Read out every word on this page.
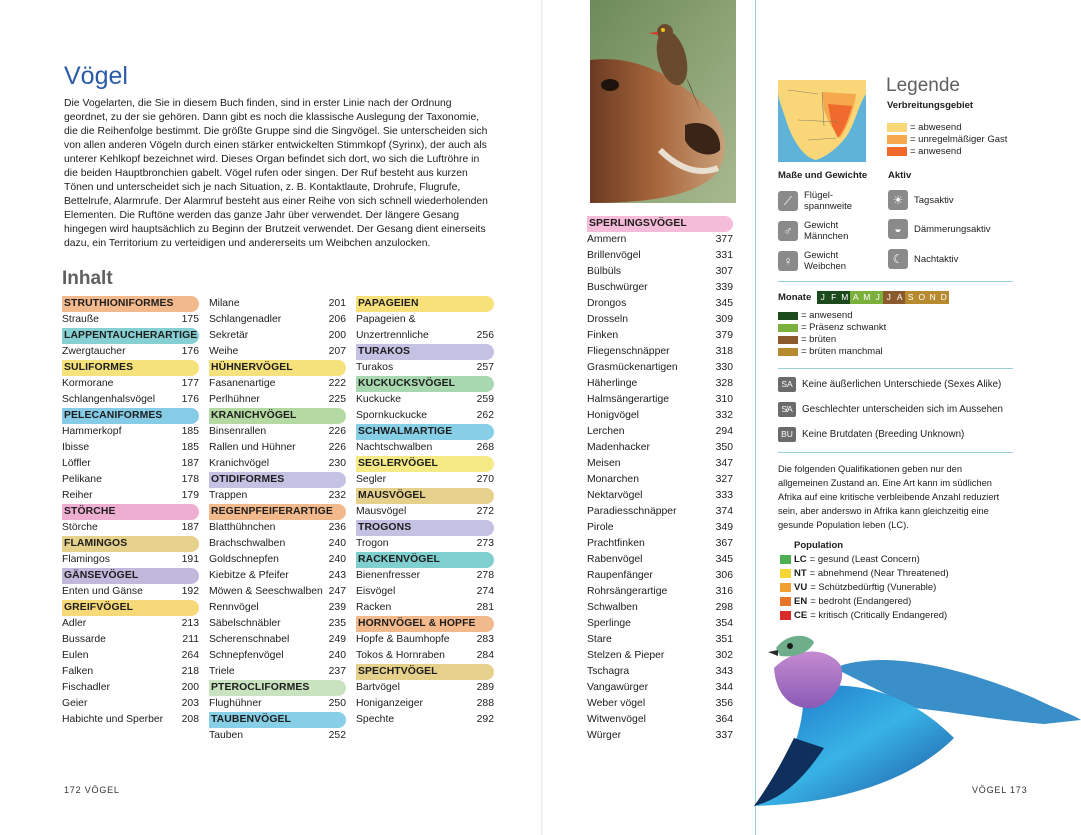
Vögel

Die Vogelarten, die Sie in diesem Buch finden, sind in erster Linie nach der Ordnung geordnet, zu der sie gehören. Dann gibt es noch die klassische Auslegung der Taxonomie, die die Reihenfolge bestimmt. Die größte Gruppe sind die Singvögel. Sie unterscheiden sich von allen anderen Vögeln durch einen stärker entwickelten Stimmkopf (Syrinx), der auch als unterer Kehlkopf bezeichnet wird. Dieses Organ befindet sich dort, wo sich die Luftröhre in die beiden Hauptbronchien gabelt. Vögel rufen oder singen. Der Ruf besteht aus kurzen Tönen und unterscheidet sich je nach Situation, z. B. Kontaktlaute, Drohrufe, Flugrufe, Bettelrufe, Alarmrufe. Der Alarmruf besteht aus einer Reihe von sich schnell wiederholenden Elementen. Die Ruftöne werden das ganze Jahr über verwendet. Der längere Gesang hingegen wird hauptsächlich zu Beginn der Brutzeit verwendet. Der Gesang dient einerseits dazu, ein Territorium zu verteidigen und andererseits um Weibchen anzulocken.

Inhalt
STRUTHIONIFORMES
Strauße	175
LAPPENTAUCHERARTIGE
Zwergtaucher	176
SULIFORMES
Kormorane	177
Schlangenhalsvögel	176
PELECANIFORMES
Hammerkopf	185
Ibisse	185
Löffler	187
Pelikane	178
Reiher	179
STÖRCHE
Störche	187
FLAMINGOS
Flamingos	191
GÄNSEVÖGEL
Enten und Gänse	192
GREIFVÖGEL
Adler	213
Bussarde	211
Eulen	264
Falken	218
Fischadler	200
Geier	203
Habichte und Sperber 208
Milane	201
Schlangenadler	206
Sekretär	200
Weihe	207
HÜHNERVÖGEL
Fasanenartige	222
Perlhühner	225
KRANICHVÖGEL
Binsenrallen	226
Rallen und Hühner	226
Kranichvögel	230
OTIDIFORMES
Trappen	232
REGENPFEIFERARTIGE
Blatthühnchen	236
Brachschwalben	240
Goldschnepfen	240
Kiebitze & Pfeifer	243
Möwen & Seeschwalben 247
Rennvögel	239
Säbelschnäbler	235
Scherenschnabel	249
Schnepfenvögel	240
Triele	237
PTEROCLIFORMES
Flughühner	250
TAUBENVÖGEL
Tauben	252
PAPAGEIEN
Papageien &
Unzertrennliche	256
TURAKOS
Turakos	257
KUCKUCKSVÖGEL
Kuckucke	259
Spornkuckucke	262
SCHWALMARTIGE
Nachtschwalben	268
SEGLERVÖGEL
Segler	270
MAUSVÖGEL
Mausvögel	272
TROGONS
Trogon	273
RACKENVÖGEL
Bienenfresser	278
Eisvögel	274
Racken	281
HORNVÖGEL & HOPFE
Hopfe & Baumhopfe	283
Tokos & Hornraben	284
SPECHTVÖGEL
Bartvögel	289
Honiganzeiger	288
Spechte	292
172 VÖGEL
SPERLINGSVÖGEL
Ammern	377
Brillenvögel	331
Bülbüls	307
Buschwürger	339
Drongos	345
Drosseln	309
Finken	379
Fliegenschnäpper	318
Grasmückenartigen	330
Häherlinge	328
Halmsängerartige	310
Honigvögel	332
Lerchen	294
Madenhacker	350
Meisen	347
Monarchen	327
Nektarvögel	333
Paradiesschnäpper	374
Pirole	349
Prachtfinken	367
Rabenvögel	345
Raupenfänger	306
Rohrsängerartige	316
Schwalben	298
Sperlinge	354
Stare	351
Stelzen & Pieper	302
Tschagra	343
Vangawürger	344
Weber vögel	356
Witwenvögel	364
Würger	337
Legende
Verbreitungsgebiet
= abwesend
= unregelmäßiger Gast
= anwesend
Maße und Gewichte Aktiv
⟋	Flügel-
spannweite
♂	Gewicht
Männchen
♀	Gewicht
Weibchen
☀	Tagsaktiv
◒	Dämmerungsaktiv
☾	Nachtaktiv
Monate	J F M A M J J A S O N D
= anwesend
= Präsenz schwankt
= brüten
= brüten manchmal
SA Keine äußerlichen Unterschiede (Sexes Alike)
S̸A Geschlechter unterscheiden sich im Aussehen
BU Keine Brutdaten (Breeding Unknown)

Die folgenden Qualifikationen geben nur den allgemeinen Zustand an. Eine Art kann im südlichen Afrika auf eine kritische verbleibende Anzahl reduziert sein, aber anderswo in Afrika kann gleichzeitig eine gesunde Population leben (LC).

Population
LC = gesund (Least Concern)
NT = abnehmend (Near Threatened)
VU = Schützbedürftig (Vunerable)
EN = bedroht (Endangered)
CE = kritisch (Critically Endangered)
VÖGEL 173
